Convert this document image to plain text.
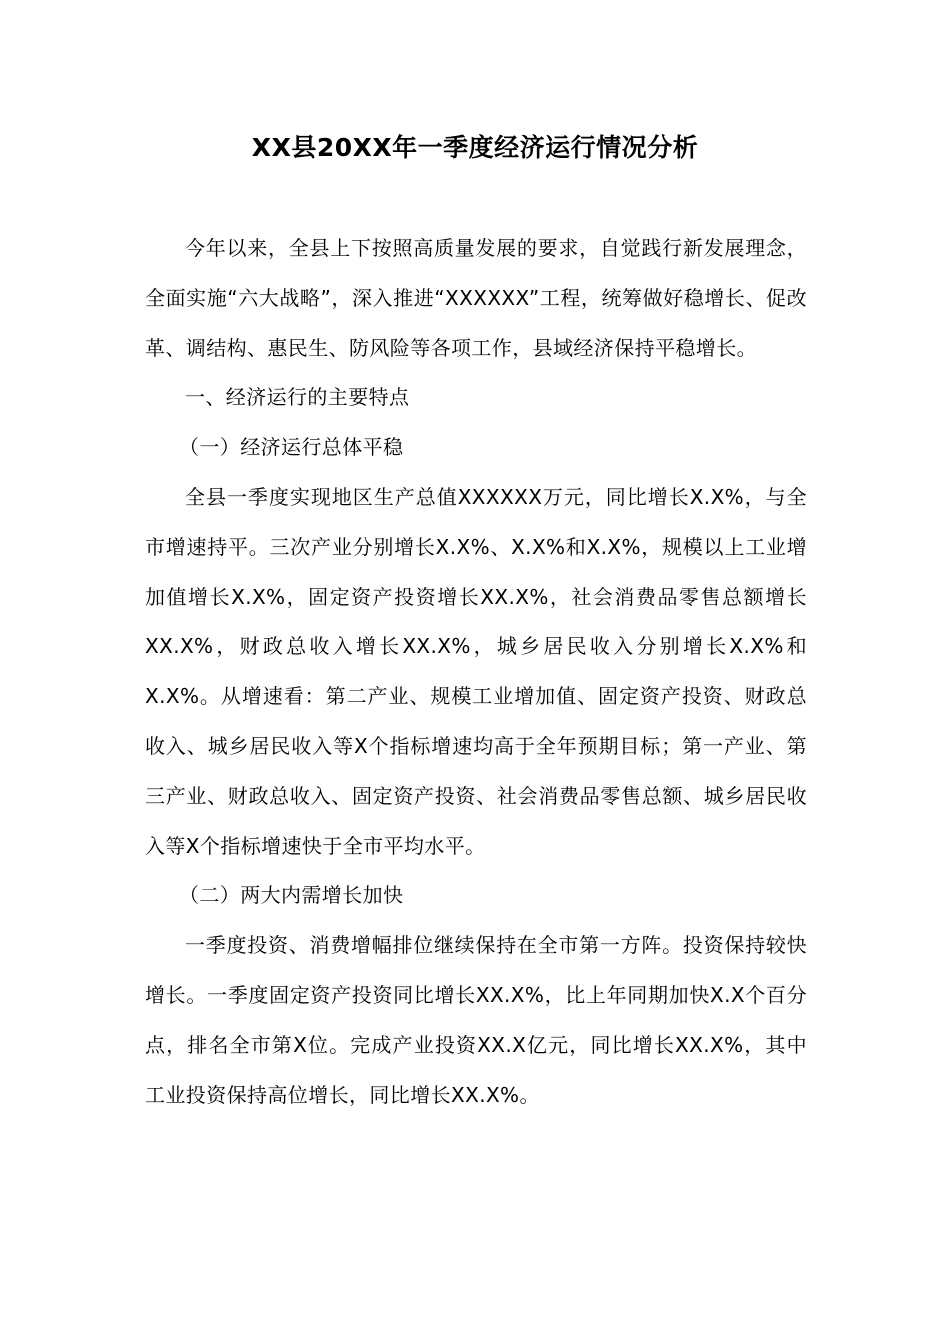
XX县20XX年一季度经济运行情况分析

今年以来，全县上下按照高质量发展的要求，自觉践行新发展理念，全面实施“六大战略”，深入推进“XXXXXX”工程，统筹做好稳增长、促改革、调结构、惠民生、防风险等各项工作，县域经济保持平稳增长。

一、经济运行的主要特点

（一）经济运行总体平稳

全县一季度实现地区生产总值XXXXXX万元，同比增长X.X%，与全市增速持平。三次产业分别增长X.X%、X.X%和X.X%，规模以上工业增加值增长X.X%，固定资产投资增长XX.X%，社会消费品零售总额增长XX.X%，财政总收入增长XX.X%，城乡居民收入分别增长X.X%和X.X%。从增速看：第二产业、规模工业增加值、固定资产投资、财政总收入、城乡居民收入等X个指标增速均高于全年预期目标；第一产业、第三产业、财政总收入、固定资产投资、社会消费品零售总额、城乡居民收入等X个指标增速快于全市平均水平。

（二）两大内需增长加快

一季度投资、消费增幅排位继续保持在全市第一方阵。投资保持较快增长。一季度固定资产投资同比增长XX.X%，比上年同期加快X.X个百分点，排名全市第X位。完成产业投资XX.X亿元，同比增长XX.X%，其中工业投资保持高位增长，同比增长XX.X%。
